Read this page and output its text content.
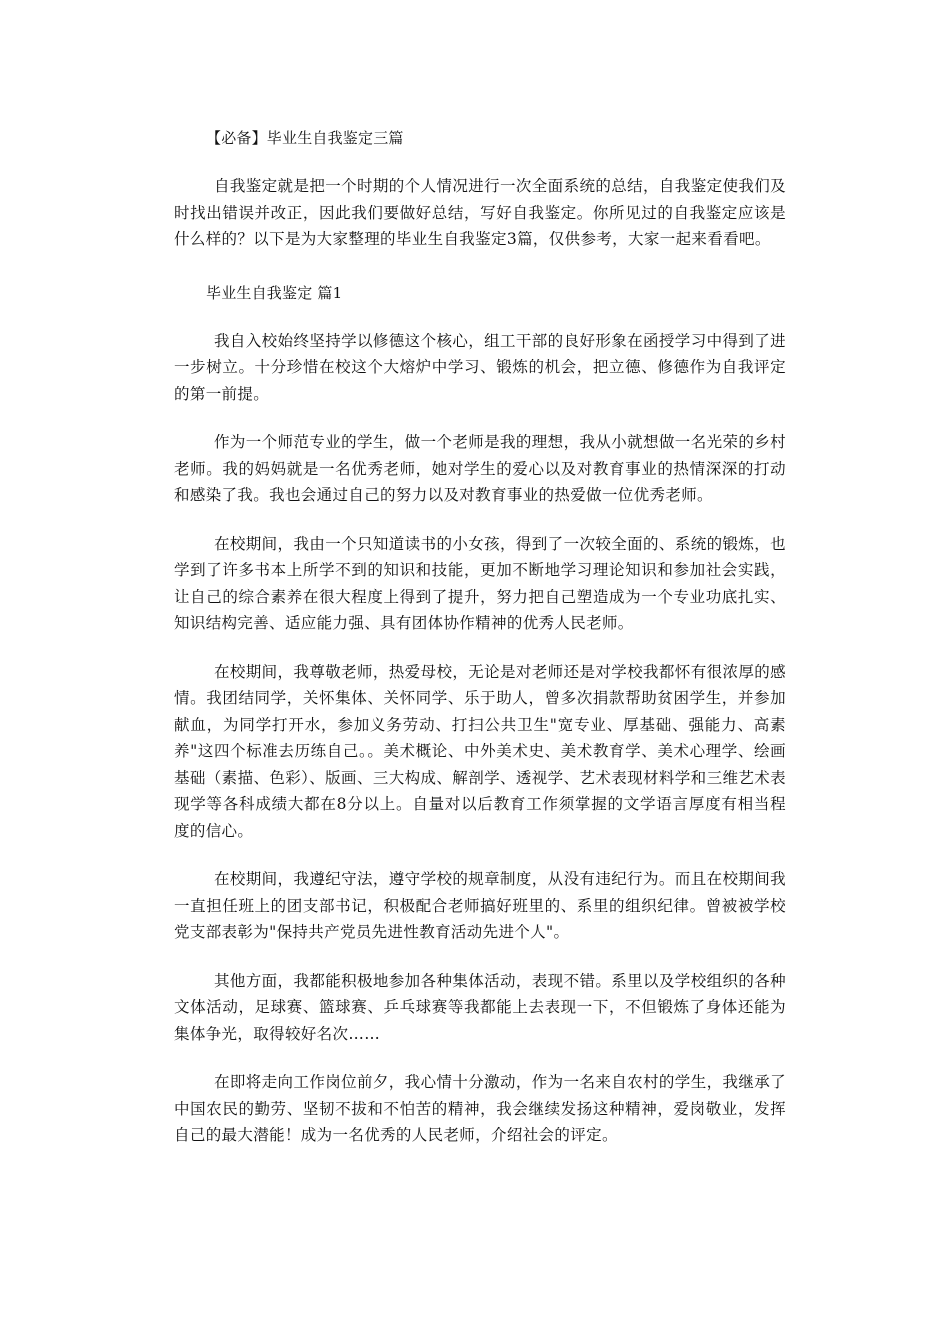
【必备】毕业生自我鉴定三篇

自我鉴定就是把一个时期的个人情况进行一次全面系统的总结，自我鉴定使我们及时找出错误并改正，因此我们要做好总结，写好自我鉴定。你所见过的自我鉴定应该是什么样的？以下是为大家整理的毕业生自我鉴定3篇，仅供参考，大家一起来看看吧。

毕业生自我鉴定 篇1

我自入校始终坚持学以修德这个核心，组工干部的良好形象在函授学习中得到了进一步树立。十分珍惜在校这个大熔炉中学习、锻炼的机会，把立德、修德作为自我评定的第一前提。

作为一个师范专业的学生，做一个老师是我的理想，我从小就想做一名光荣的乡村老师。我的妈妈就是一名优秀老师，她对学生的爱心以及对教育事业的热情深深的打动和感染了我。我也会通过自己的努力以及对教育事业的热爱做一位优秀老师。

在校期间，我由一个只知道读书的小女孩，得到了一次较全面的、系统的锻炼，也学到了许多书本上所学不到的知识和技能，更加不断地学习理论知识和参加社会实践，让自己的综合素养在很大程度上得到了提升，努力把自己塑造成为一个专业功底扎实、知识结构完善、适应能力强、具有团体协作精神的优秀人民老师。

在校期间，我尊敬老师，热爱母校，无论是对老师还是对学校我都怀有很浓厚的感情。我团结同学，关怀集体、关怀同学、乐于助人，曾多次捐款帮助贫困学生，并参加献血，为同学打开水，参加义务劳动、打扫公共卫生"宽专业、厚基础、强能力、高素养"这四个标准去历练自己。。美术概论、中外美术史、美术教育学、美术心理学、绘画基础（素描、色彩）、版画、三大构成、解剖学、透视学、艺术表现材料学和三维艺术表现学等各科成绩大都在8分以上。自量对以后教育工作须掌握的文学语言厚度有相当程度的信心。

在校期间，我遵纪守法，遵守学校的规章制度，从没有违纪行为。而且在校期间我一直担任班上的团支部书记，积极配合老师搞好班里的、系里的组织纪律。曾被被学校党支部表彰为"保持共产党员先进性教育活动先进个人"。

其他方面，我都能积极地参加各种集体活动，表现不错。系里以及学校组织的各种文体活动，足球赛、篮球赛、乒乓球赛等我都能上去表现一下，不但锻炼了身体还能为集体争光，取得较好名次……

在即将走向工作岗位前夕，我心情十分激动，作为一名来自农村的学生，我继承了中国农民的勤劳、坚韧不拔和不怕苦的精神，我会继续发扬这种精神，爱岗敬业，发挥自己的最大潜能！成为一名优秀的人民老师，介绍社会的评定。
